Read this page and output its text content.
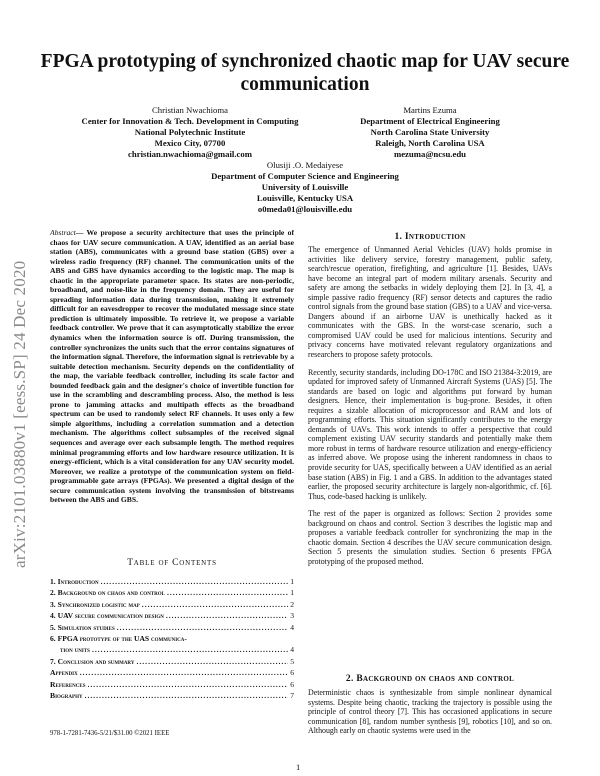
FPGA prototyping of synchronized chaotic map for UAV secure communication
Christian Nwachioma
Center for Innovation & Tech. Development in Computing
National Polytechnic Institute
Mexico City, 07700
christian.nwachioma@gmail.com
Martins Ezuma
Department of Electrical Engineering
North Carolina State University
Raleigh, North Carolina USA
mezuma@ncsu.edu
Olusiji .O. Medaiyese
Department of Computer Science and Engineering
University of Louisville
Louisville, Kentucky USA
o0meda01@louisville.edu
arXiv:2101.03880v1 [eess.SP] 24 Dec 2020
Abstract— We propose a security architecture that uses the principle of chaos for UAV secure communication. A UAV, identified as an aerial base station (ABS), communicates with a ground base station (GBS) over a wireless radio frequency (RF) channel. The communication units of the ABS and GBS have dynamics according to the logistic map. The map is chaotic in the appropriate parameter space. Its states are non-periodic, broadband, and noise-like in the frequency domain. They are useful for spreading information data during transmission, making it extremely difficult for an eavesdropper to recover the modulated message since state prediction is ultimately impossible. To retrieve it, we propose a variable feedback controller. We prove that it can asymptotically stabilize the error dynamics when the information source is off. During transmission, the controller synchronizes the units such that the error contains signatures of the information signal. Therefore, the information signal is retrievable by a suitable detection mechanism. Security depends on the confidentiality of the map, the variable feedback controller, including its scale factor and bounded feedback gain and the designer's choice of invertible function for use in the scrambling and descrambling process. Also, the method is less prone to jamming attacks and multipath effects as the broadband spectrum can be used to randomly select RF channels. It uses only a few simple algorithms, including a correlation summation and a detection mechanism. The algorithms collect subsamples of the received signal sequences and average over each subsample length. The method requires minimal programming efforts and low hardware resource utilization. It is energy-efficient, which is a vital consideration for any UAV security model. Moreover, we realize a prototype of the communication system on field-programmable gate arrays (FPGAs). We presented a digital design of the secure communication system involving the transmission of bitstreams between the ABS and GBS.
Table of Contents
1. Introduction .....	1
2. Background on chaos and control .....	1
3. Synchronized logistic map .....	2
4. UAV secure communication design .....	3
5. Simulation studies .....	4
6. FPGA prototype of the UAS communica-
tion units .....	4
7. Conclusion and summary .....	5
Appendix .....	6
References .....	6
Biography .....	7
978-1-7281-7436-5/21/$31.00 ©2021 IEEE
1
1. Introduction

The emergence of Unmanned Aerial Vehicles (UAV) holds promise in activities like delivery service, forestry management, public safety, search/rescue operation, firefighting, and agriculture [1]. Besides, UAVs have become an integral part of modern military arsenals. Security and safety are among the setbacks in widely deploying them [2]. In [3, 4], a simple passive radio frequency (RF) sensor detects and captures the radio control signals from the ground base station (GBS) to a UAV and vice-versa. Dangers abound if an airborne UAV is unethically hacked as it communicates with the GBS. In the worst-case scenario, such a compromised UAV could be used for malicious intentions. Security and privacy concerns have motivated relevant regulatory organizations and researchers to propose safety protocols.

Recently, security standards, including DO-178C and ISO 21384-3:2019, are updated for improved safety of Unmanned Aircraft Systems (UAS) [5]. The standards are based on logic and algorithms put forward by human designers. Hence, their implementation is bug-prone. Besides, it often requires a sizable allocation of microprocessor and RAM and lots of programming efforts. This situation significantly contributes to the energy demands of UAVs. This work intends to offer a perspective that could complement existing UAV security standards and potentially make them more robust in terms of hardware resource utilization and energy-efficiency as inferred above. We propose using the inherent randomness in chaos to provide security for UAS, specifically between a UAV identified as an aerial base station (ABS) in Fig. 1 and a GBS. In addition to the advantages stated earlier, the proposed security architecture is largely non-algorithmic, cf. [6]. Thus, code-based hacking is unlikely.

The rest of the paper is organized as follows: Section 2 provides some background on chaos and control. Section 3 describes the logistic map and proposes a variable feedback controller for synchronizing the map in the chaotic domain. Section 4 describes the UAV secure communication design. Section 5 presents the simulation studies. Section 6 presents FPGA prototyping of the proposed method.

2. Background on chaos and control

Deterministic chaos is synthesizable from simple nonlinear dynamical systems. Despite being chaotic, tracking the trajectory is possible using the principle of control theory [7]. This has occasioned applications in secure communication [8], random number synthesis [9], robotics [10], and so on. Although early on chaotic systems were used in the
